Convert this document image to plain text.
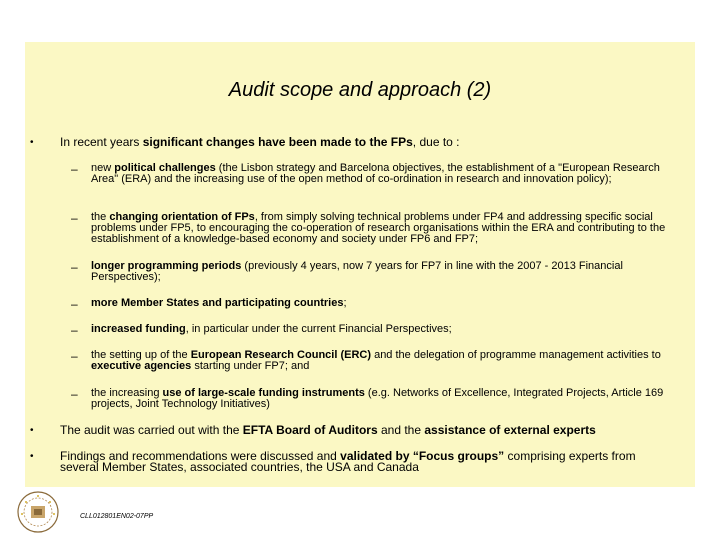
Audit scope and approach (2)
• In recent years significant changes have been made to the FPs, due to :
– new political challenges (the Lisbon strategy and Barcelona objectives, the establishment of a "European Research Area" (ERA) and the increasing use of the open method of co-ordination in research and innovation policy);
– the changing orientation of FPs, from simply solving technical problems under FP4 and addressing specific social problems under FP5, to encouraging the co-operation of research organisations within the ERA and contributing to the establishment of a knowledge-based economy and society under FP6 and FP7;
– longer programming periods (previously 4 years, now 7 years for FP7 in line with the 2007 - 2013 Financial Perspectives);
– more Member States and participating countries;
– increased funding, in particular under the current Financial Perspectives;
– the setting up of the European Research Council (ERC) and the delegation of programme management activities to executive agencies starting under FP7; and
– the increasing use of large-scale funding instruments (e.g. Networks of Excellence, Integrated Projects, Article 169 projects, Joint Technology Initiatives)
• The audit was carried out with the EFTA Board of Auditors and the assistance of external experts
• Findings and recommendations were discussed and validated by “Focus groups” comprising experts from several Member States, associated countries, the USA and Canada
CLL012801EN02-07PP
